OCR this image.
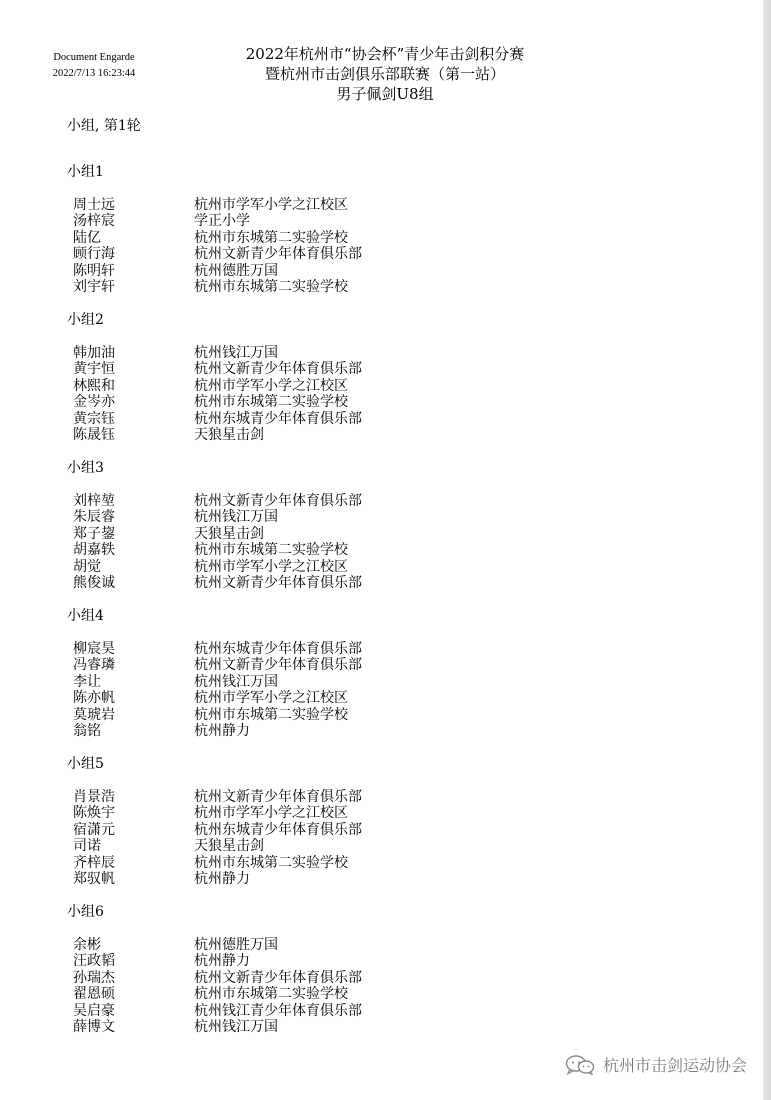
Document Engarde
2022/7/13 16:23:44
2022年杭州市“协会杯”青少年击剑积分赛
暨杭州市击剑俱乐部联赛（第一站）
男子佩剑U8组
小组, 第1轮
小组1
周士远	杭州市学军小学之江校区
汤梓宸	学正小学
陆亿	杭州市东城第二实验学校
顾行海	杭州文新青少年体育俱乐部
陈明轩	杭州德胜万国
刘宇轩	杭州市东城第二实验学校
小组2
韩加油	杭州钱江万国
黄宇恒	杭州文新青少年体育俱乐部
林熙和	杭州市学军小学之江校区
金岑亦	杭州市东城第二实验学校
黄宗钰	杭州东城青少年体育俱乐部
陈晟钰	天狼星击剑
小组3
刘梓堃	杭州文新青少年体育俱乐部
朱辰睿	杭州钱江万国
郑子鋆	天狼星击剑
胡嘉轶	杭州市东城第二实验学校
胡觉	杭州市学军小学之江校区
熊俊诚	杭州文新青少年体育俱乐部
小组4
柳宸昊	杭州东城青少年体育俱乐部
冯睿璘	杭州文新青少年体育俱乐部
李让	杭州钱江万国
陈亦帆	杭州市学军小学之江校区
莫琥岩	杭州市东城第二实验学校
翁铭	杭州静力
小组5
肖景浩	杭州文新青少年体育俱乐部
陈焕宇	杭州市学军小学之江校区
宿潇元	杭州东城青少年体育俱乐部
司诺	天狼星击剑
齐梓辰	杭州市东城第二实验学校
郑驭帆	杭州静力
小组6
余彬	杭州德胜万国
汪政韬	杭州静力
孙瑞杰	杭州文新青少年体育俱乐部
翟恩硕	杭州市东城第二实验学校
吴启豪	杭州钱江青少年体育俱乐部
薛博文	杭州钱江万国
杭州市击剑运动协会
